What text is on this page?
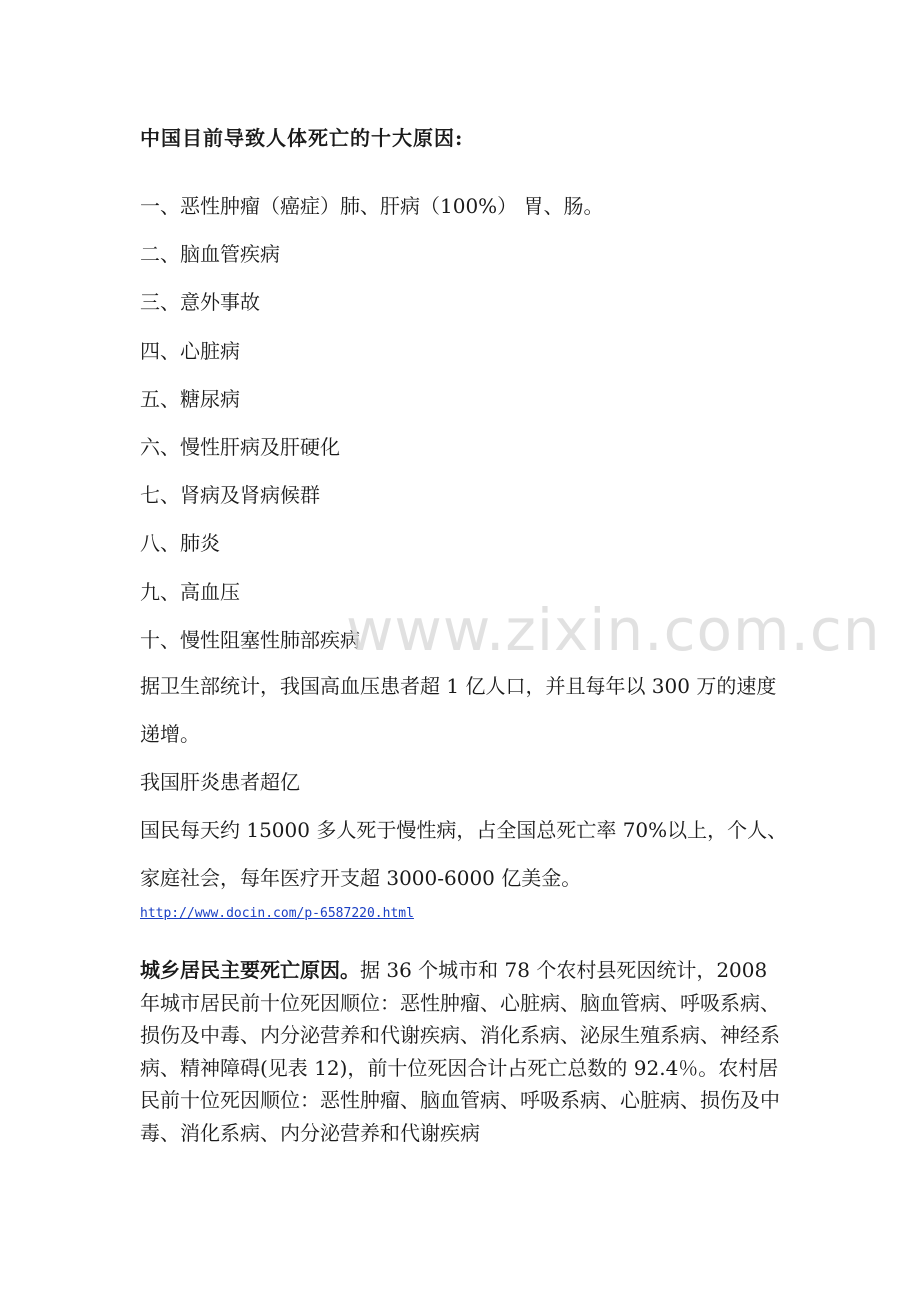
中国目前导致人体死亡的十大原因:
一、恶性肿瘤（癌症）肺、肝病（100%） 胃、肠。
二、脑血管疾病
三、意外事故
四、心脏病
五、糖尿病
六、慢性肝病及肝硬化
七、肾病及肾病候群
八、肺炎
九、高血压
十、慢性阻塞性肺部疾病
据卫生部统计，我国高血压患者超 1 亿人口，并且每年以 300 万的速度递增。
我国肝炎患者超亿
国民每天约 15000 多人死于慢性病，占全国总死亡率 70%以上，个人、家庭社会，每年医疗开支超 3000-6000 亿美金。
http://www.docin.com/p-6587220.html
城乡居民主要死亡原因。据 36 个城市和 78 个农村县死因统计，2008 年城市居民前十位死因顺位：恶性肿瘤、心脏病、脑血管病、呼吸系病、损伤及中毒、内分泌营养和代谢疾病、消化系病、泌尿生殖系病、神经系病、精神障碍(见表 12)，前十位死因合计占死亡总数的 92.4％。农村居民前十位死因顺位：恶性肿瘤、脑血管病、呼吸系病、心脏病、损伤及中毒、消化系病、内分泌营养和代谢疾病
www.zixin.com.cn
